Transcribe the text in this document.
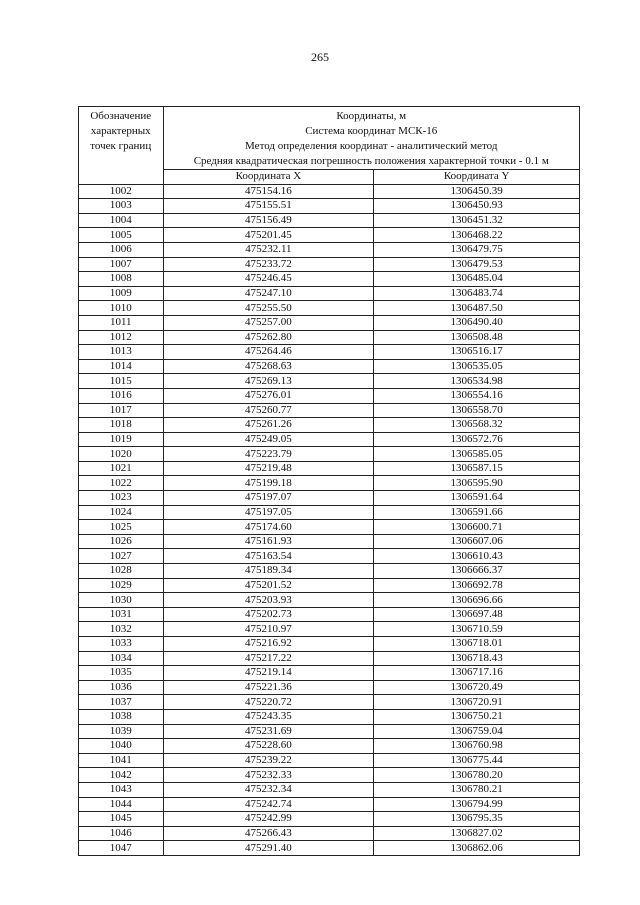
265
Обозначение характерных точек границ	Координаты, м
Система координат МСК-16
Метод определения координат - аналитический метод
Средняя квадратическая погрешность положения характерной точки - 0.1 м	

	Координата X	Координата Y
1002	475154.16	1306450.39
1003	475155.51	1306450.93
1004	475156.49	1306451.32
1005	475201.45	1306468.22
1006	475232.11	1306479.75
1007	475233.72	1306479.53
1008	475246.45	1306485.04
1009	475247.10	1306483.74
1010	475255.50	1306487.50
1011	475257.00	1306490.40
1012	475262.80	1306508.48
1013	475264.46	1306516.17
1014	475268.63	1306535.05
1015	475269.13	1306534.98
1016	475276.01	1306554.16
1017	475260.77	1306558.70
1018	475261.26	1306568.32
1019	475249.05	1306572.76
1020	475223.79	1306585.05
1021	475219.48	1306587.15
1022	475199.18	1306595.90
1023	475197.07	1306591.64
1024	475197.05	1306591.66
1025	475174.60	1306600.71
1026	475161.93	1306607.06
1027	475163.54	1306610.43
1028	475189.34	1306666.37
1029	475201.52	1306692.78
1030	475203.93	1306696.66
1031	475202.73	1306697.48
1032	475210.97	1306710.59
1033	475216.92	1306718.01
1034	475217.22	1306718.43
1035	475219.14	1306717.16
1036	475221.36	1306720.49
1037	475220.72	1306720.91
1038	475243.35	1306750.21
1039	475231.69	1306759.04
1040	475228.60	1306760.98
1041	475239.22	1306775.44
1042	475232.33	1306780.20
1043	475232.34	1306780.21
1044	475242.74	1306794.99
1045	475242.99	1306795.35
1046	475266.43	1306827.02
1047	475291.40	1306862.06
